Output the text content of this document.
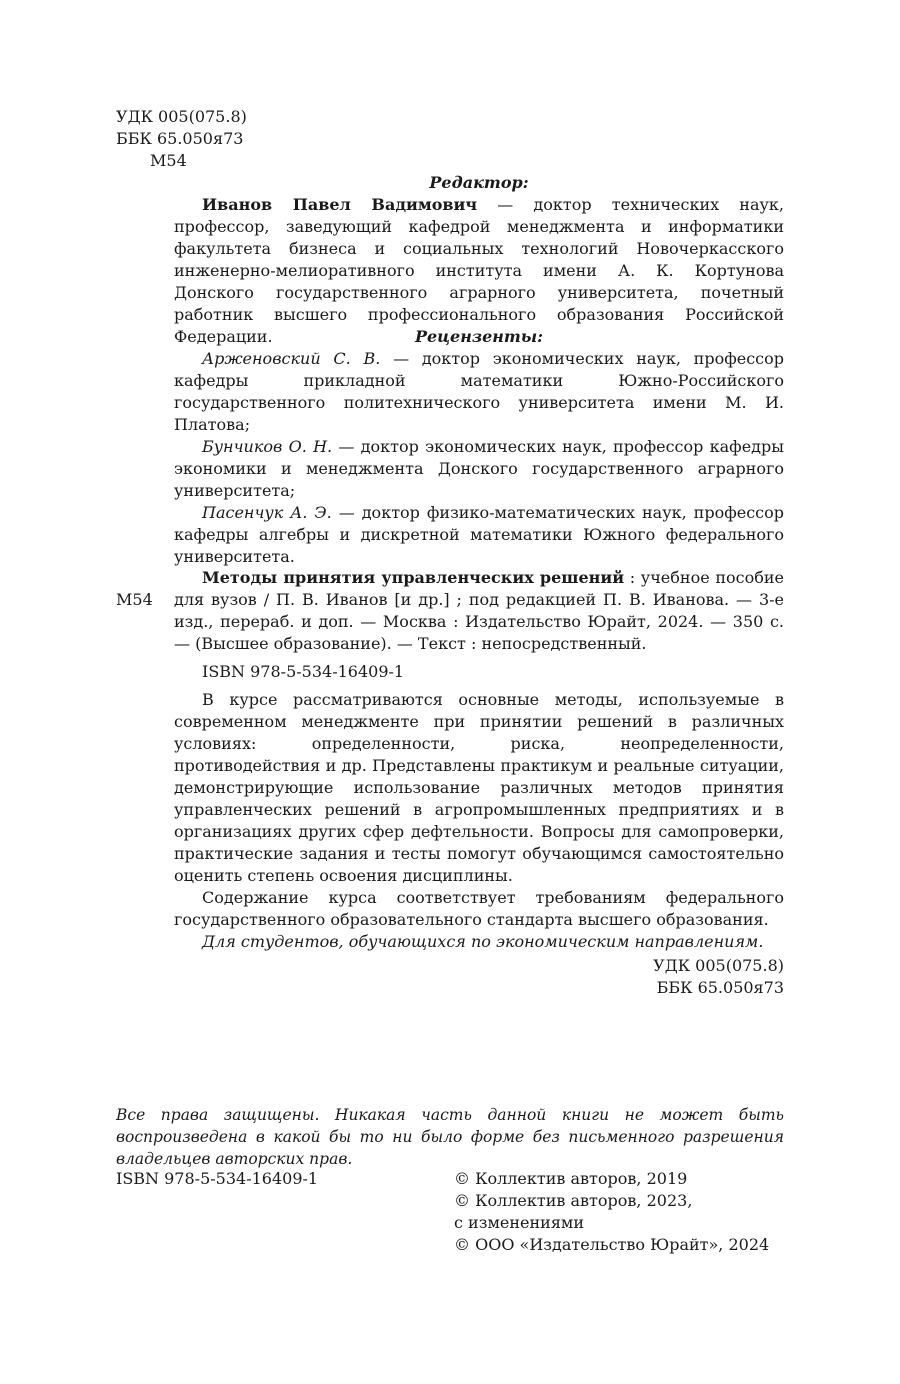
УДК 005(075.8)
ББК 65.050я73
М54
Редактор:

Иванов Павел Вадимович — доктор технических наук, профессор, заведующий кафедрой менеджмента и информатики факультета бизнеса и социальных технологий Новочеркасского инженерно-мелиоративного института имени А. К. Кортунова Донского государственного аграрного университета, почетный работник высшего профессионального образования Российской Федерации.	Рецензенты:

Арженовский С. В. — доктор экономических наук, профессор кафедры прикладной математики Южно-Российского государственного политехнического университета имени М. И. Платова;

Бунчиков О. Н. — доктор экономических наук, профессор кафедры экономики и менеджмента Донского государственного аграрного университета;

Пасенчук А. Э. — доктор физико-математических наук, профессор кафедры алгебры и дискретной математики Южного федерального университета.

М54

Методы принятия управленческих решений : учебное пособие для вузов / П. В. Иванов [и др.] ; под редакцией П. В. Иванова. — 3-е изд., перераб. и доп. — Москва : Издательство Юрайт, 2024. — 350 с. — (Высшее образование). — Текст : непосредственный.

ISBN 978-5-534-16409-1

В курсе рассматриваются основные методы, используемые в современном менеджменте при принятии решений в различных условиях: определенности, риска, неопределенности, противодействия и др. Представлены практикум и реальные ситуации, демонстрирующие использование различных методов принятия управленческих решений в агропромышленных предприятиях и в организациях других сфер дефтельности. Вопросы для самопроверки, практические задания и тесты помогут обучающимся самостоятельно оценить степень освоения дисциплины.

Содержание курса соответствует требованиям федерального государственного образовательного стандарта высшего образования.

Для студентов, обучающихся по экономическим направлениям.

УДК 005(075.8)
ББК 65.050я73
Все права защищены. Никакая часть данной книги не может быть воспроизведена в какой бы то ни было форме без письменного разрешения владельцев авторских прав.
ISBN 978-5-534-16409-1	© Коллектив авторов, 2019
© Коллектив авторов, 2023,
с изменениями
© ООО «Издательство Юрайт», 2024
